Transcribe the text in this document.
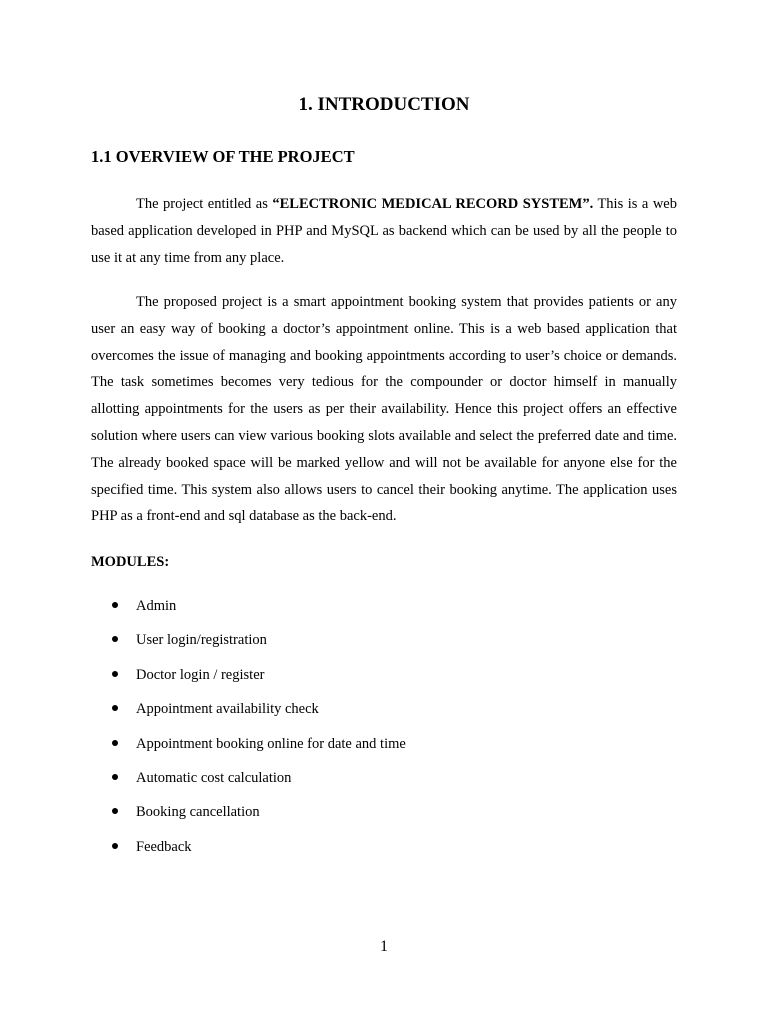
1. INTRODUCTION
1.1 OVERVIEW OF THE PROJECT

The project entitled as “ELECTRONIC MEDICAL RECORD SYSTEM”. This is a web based application developed in PHP and MySQL as backend which can be used by all the people to use it at any time from any place.

The proposed project is a smart appointment booking system that provides patients or any user an easy way of booking a doctor’s appointment online. This is a web based application that overcomes the issue of managing and booking appointments according to user’s choice or demands. The task sometimes becomes very tedious for the compounder or doctor himself in manually allotting appointments for the users as per their availability. Hence this project offers an effective solution where users can view various booking slots available and select the preferred date and time. The already booked space will be marked yellow and will not be available for anyone else for the specified time. This system also allows users to cancel their booking anytime. The application uses PHP as a front-end and sql database as the back-end.

MODULES:
Admin
User login/registration
Doctor login / register
Appointment availability check
Appointment booking online for date and time
Automatic cost calculation
Booking cancellation
Feedback
1
